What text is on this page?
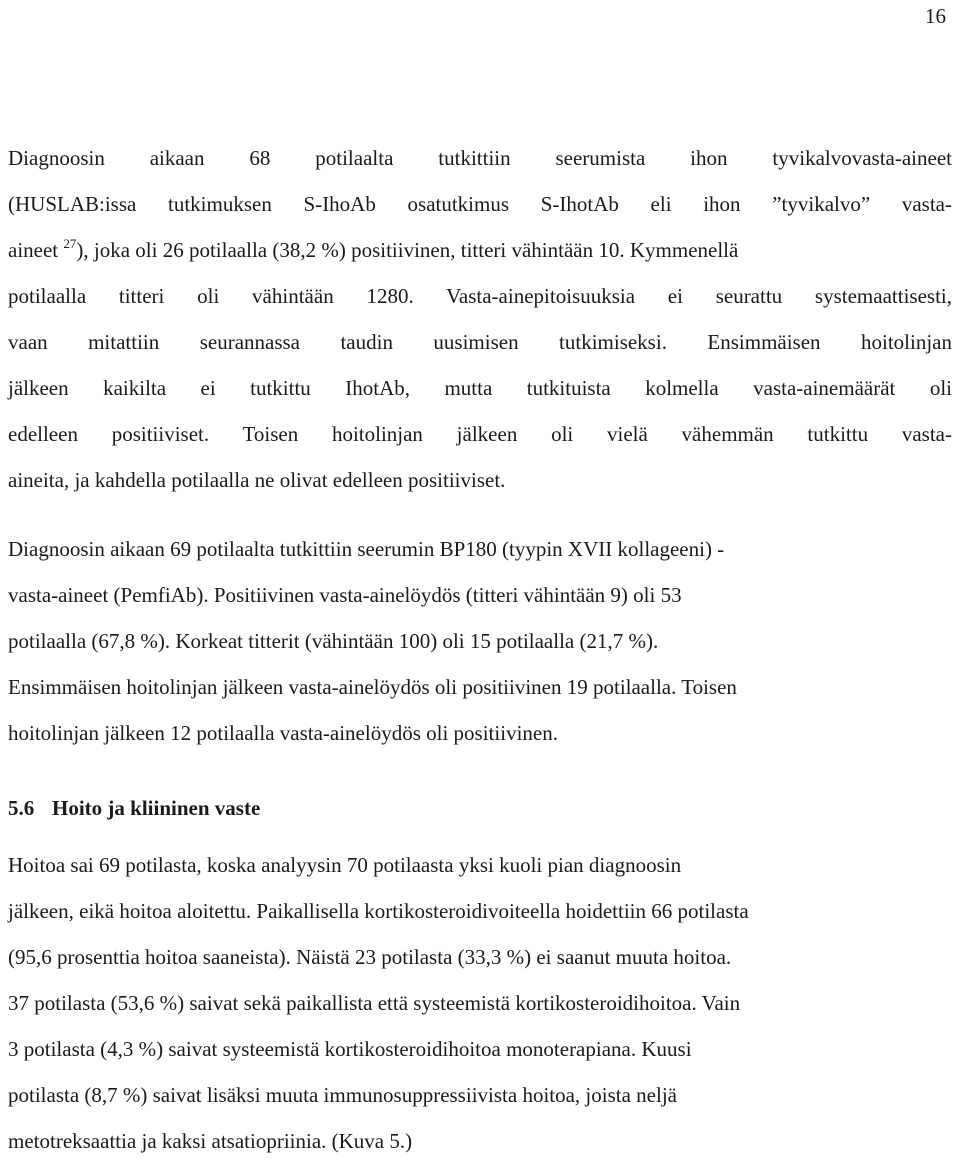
16
Diagnoosin aikaan 68 potilaalta tutkittiin seerumista ihon tyvikalvovasta-aineet
(HUSLAB:issa tutkimuksen S-IhoAb osatutkimus S-IhotAb eli ihon ”tyvikalvo” vasta-
aineet $^{27}$), joka oli 26 potilaalla (38,2 %) positiivinen, titteri vähintään 10. Kymmenellä
potilaalla titteri oli vähintään 1280. Vasta-ainepitoisuuksia ei seurattu systemaattisesti,
vaan mitattiin seurannassa taudin uusimisen tutkimiseksi. Ensimmäisen hoitolinjan
jälkeen kaikilta ei tutkittu IhotAb, mutta tutkituista kolmella vasta-ainemäärät oli
edelleen positiiviset. Toisen hoitolinjan jälkeen oli vielä vähemmän tutkittu vasta-
aineita, ja kahdella potilaalla ne olivat edelleen positiiviset.
Diagnoosin aikaan 69 potilaalta tutkittiin seerumin BP180 (tyypin XVII kollageeni) -
vasta-aineet (PemfiAb). Positiivinen vasta-ainelöydös (titteri vähintään 9) oli 53
potilaalla (67,8 %). Korkeat titterit (vähintään 100) oli 15 potilaalla (21,7 %).
Ensimmäisen hoitolinjan jälkeen vasta-ainelöydös oli positiivinen 19 potilaalla. Toisen
hoitolinjan jälkeen 12 potilaalla vasta-ainelöydös oli positiivinen.
5.6 Hoito ja kliininen vaste
Hoitoa sai 69 potilasta, koska analyysin 70 potilaasta yksi kuoli pian diagnoosin
jälkeen, eikä hoitoa aloitettu. Paikallisella kortikosteroidivoiteella hoidettiin 66 potilasta
(95,6 prosenttia hoitoa saaneista). Näistä 23 potilasta (33,3 %) ei saanut muuta hoitoa.
37 potilasta (53,6 %) saivat sekä paikallista että systeemistä kortikosteroidihoitoa. Vain
3 potilasta (4,3 %) saivat systeemistä kortikosteroidihoitoa monoterapiana. Kuusi
potilasta (8,7 %) saivat lisäksi muuta immunosuppressiivista hoitoa, joista neljä
metotreksaattia ja kaksi atsatiopriinia. (Kuva 5.)
